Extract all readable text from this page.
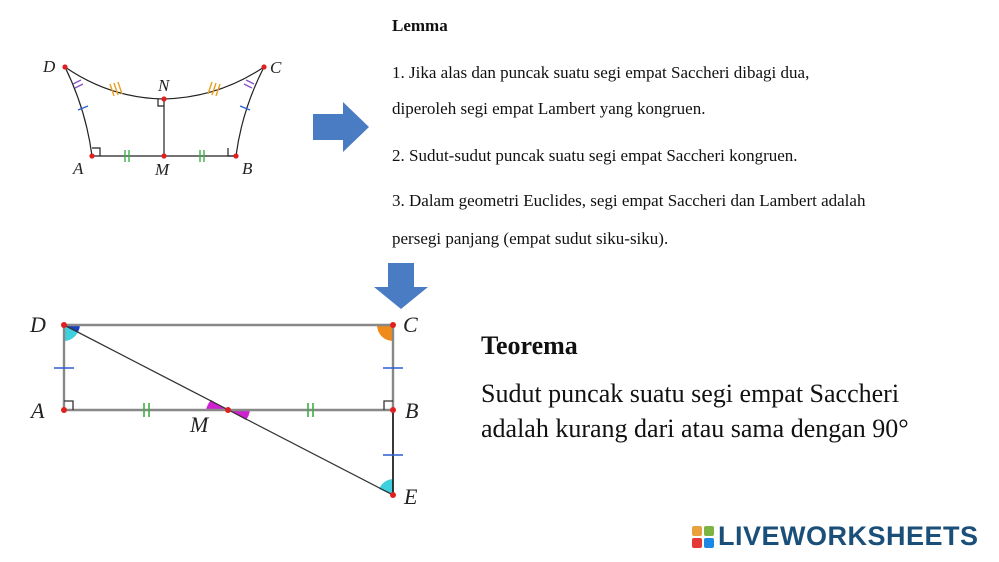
Lemma
1. Jika alas dan puncak suatu segi empat Saccheri dibagi dua,
diperoleh segi empat Lambert yang kongruen.
2. Sudut-sudut puncak suatu segi empat Saccheri kongruen.
3. Dalam geometri Euclides, segi empat Saccheri dan Lambert adalah
persegi panjang (empat sudut siku-siku).
Teorema
Sudut puncak suatu segi empat Saccheri
adalah kurang dari atau sama dengan 90°
D	C
N
A	M	B
D	C
A
M
B
E
LIVEWORKSHEETS
